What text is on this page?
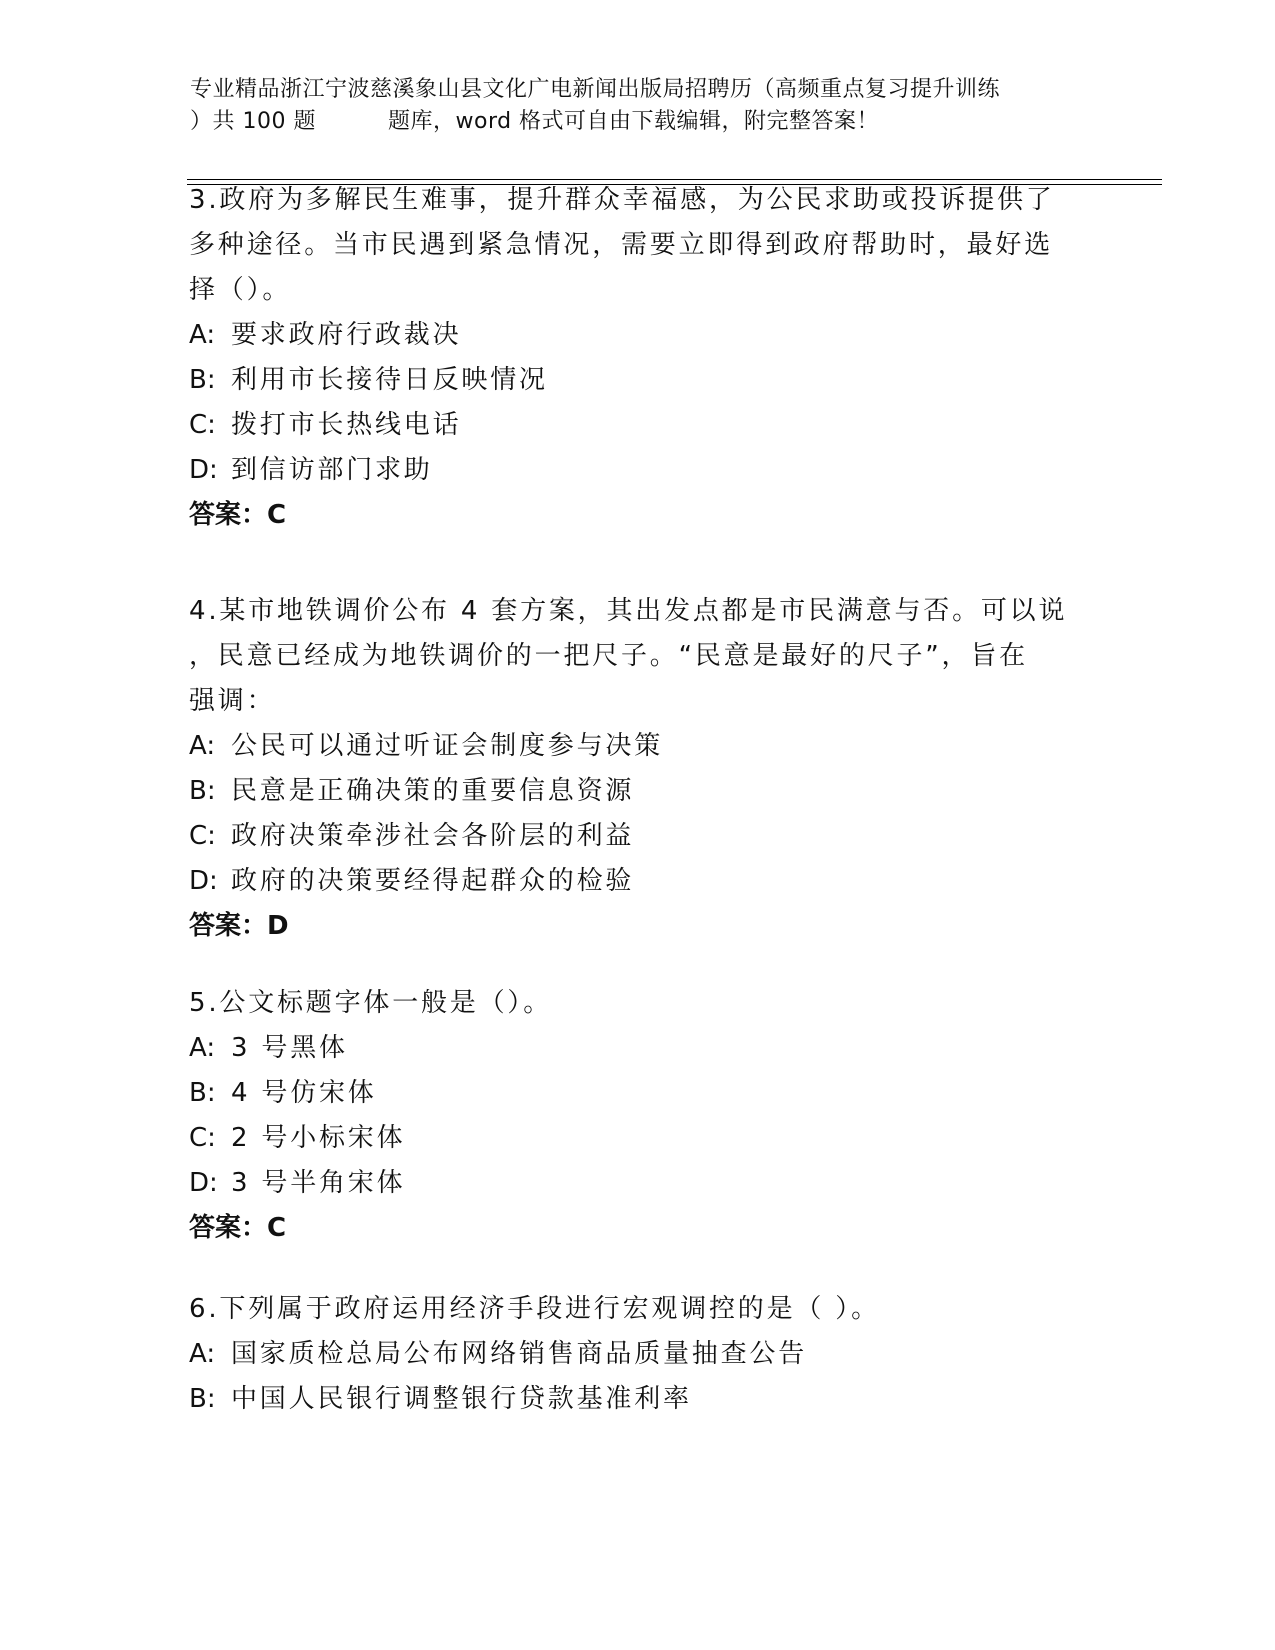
专业精品浙江宁波慈溪象山县文化广电新闻出版局招聘历（高频重点复习提升训练
）共 100 题	题库，word 格式可自由下载编辑，附完整答案！
3.政府为多解民生难事，提升群众幸福感，为公民求助或投诉提供了
多种途径。当市民遇到紧急情况，需要立即得到政府帮助时，最好选
择（）。
A: 要求政府行政裁决
B: 利用市长接待日反映情况
C: 拨打市长热线电话
D: 到信访部门求助
答案：C
4.某市地铁调价公布 4 套方案，其出发点都是市民满意与否。可以说
，民意已经成为地铁调价的一把尺子。“民意是最好的尺子”，旨在
强调：
A: 公民可以通过听证会制度参与决策
B: 民意是正确决策的重要信息资源
C: 政府决策牵涉社会各阶层的利益
D: 政府的决策要经得起群众的检验
答案：D
5.公文标题字体一般是（）。
A: 3 号黑体
B: 4 号仿宋体
C: 2 号小标宋体
D: 3 号半角宋体
答案：C
6.下列属于政府运用经济手段进行宏观调控的是（ ）。
A: 国家质检总局公布网络销售商品质量抽查公告
B: 中国人民银行调整银行贷款基准利率
